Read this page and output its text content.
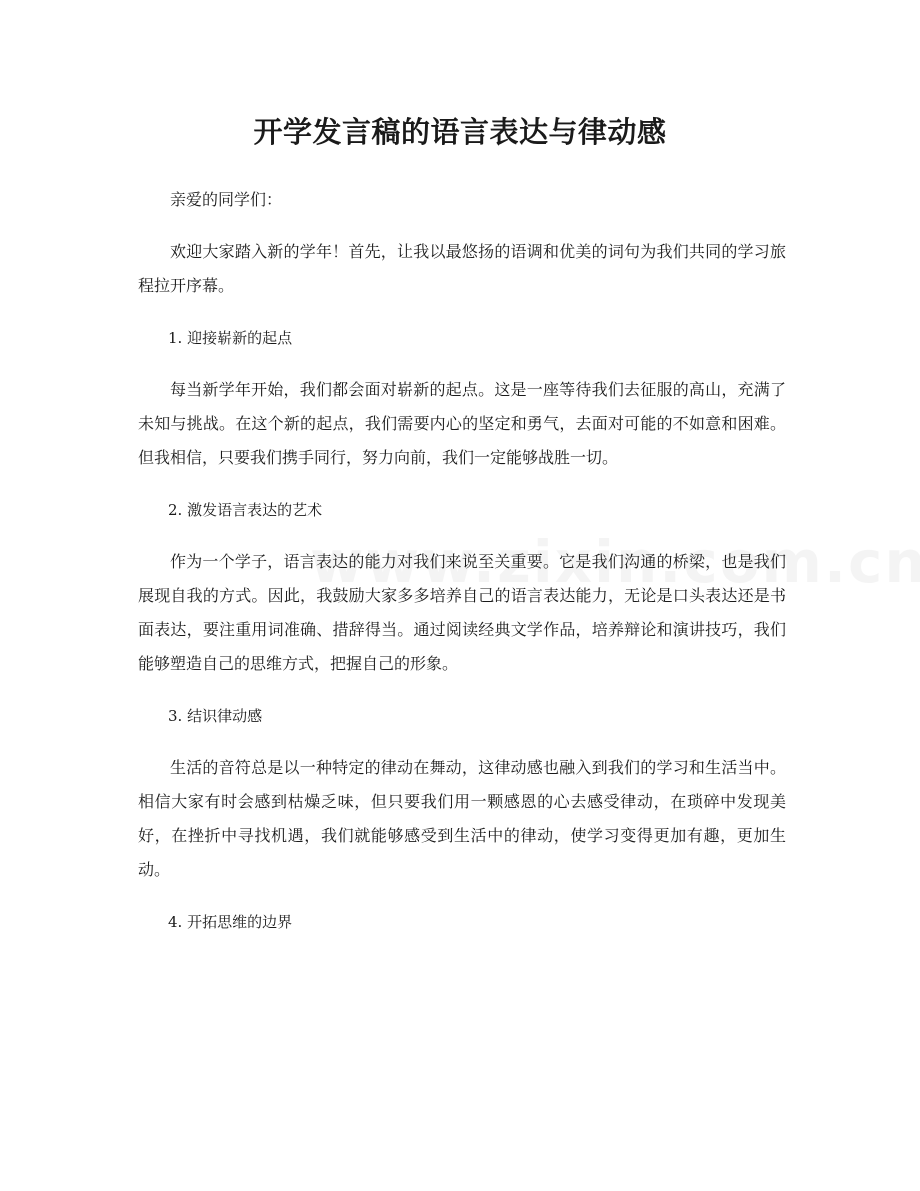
开学发言稿的语言表达与律动感

亲爱的同学们：

欢迎大家踏入新的学年！首先，让我以最悠扬的语调和优美的词句为我们共同的学习旅程拉开序幕。

1. 迎接崭新的起点

每当新学年开始，我们都会面对崭新的起点。这是一座等待我们去征服的高山，充满了未知与挑战。在这个新的起点，我们需要内心的坚定和勇气，去面对可能的不如意和困难。但我相信，只要我们携手同行，努力向前，我们一定能够战胜一切。

2. 激发语言表达的艺术

作为一个学子，语言表达的能力对我们来说至关重要。它是我们沟通的桥梁，也是我们展现自我的方式。因此，我鼓励大家多多培养自己的语言表达能力，无论是口头表达还是书面表达，要注重用词准确、措辞得当。通过阅读经典文学作品，培养辩论和演讲技巧，我们能够塑造自己的思维方式，把握自己的形象。

3. 结识律动感

生活的音符总是以一种特定的律动在舞动，这律动感也融入到我们的学习和生活当中。相信大家有时会感到枯燥乏味，但只要我们用一颗感恩的心去感受律动，在琐碎中发现美好，在挫折中寻找机遇，我们就能够感受到生活中的律动，使学习变得更加有趣，更加生动。

4. 开拓思维的边界
